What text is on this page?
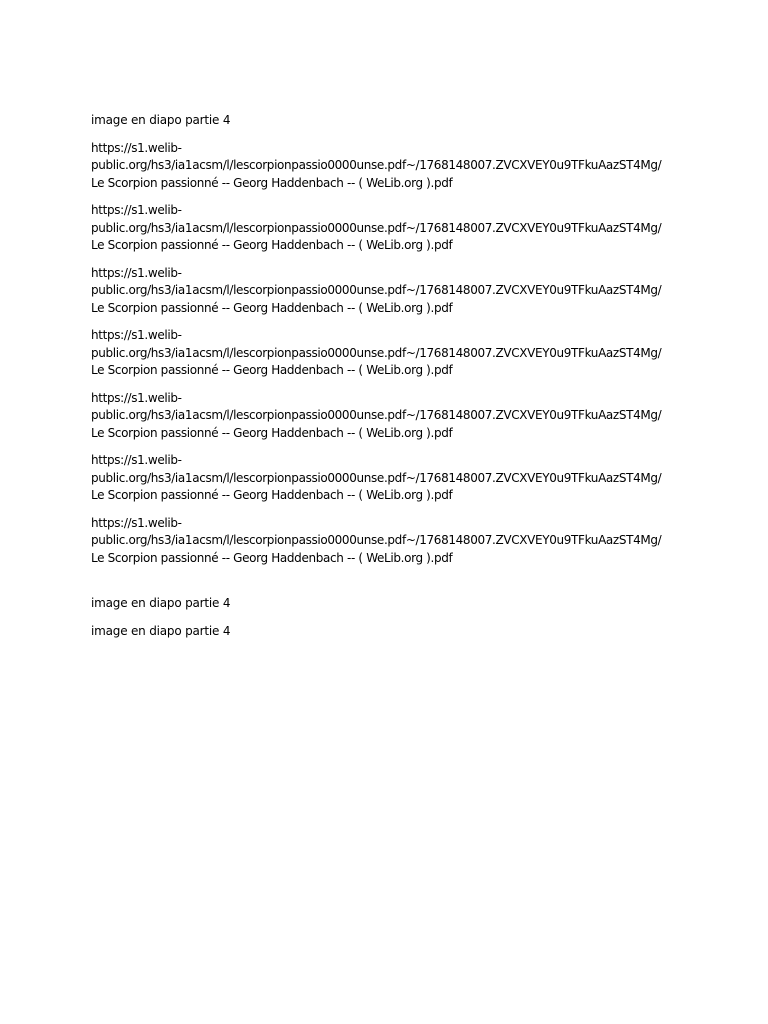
image en diapo partie 4

https://s1.welib-
public.org/hs3/ia1acsm/l/lescorpionpassio0000unse.pdf~/1768148007.ZVCXVEY0u9TFkuAazST4Mg/
Le Scorpion passionné -- Georg Haddenbach -- ( WeLib.org ).pdf

https://s1.welib-
public.org/hs3/ia1acsm/l/lescorpionpassio0000unse.pdf~/1768148007.ZVCXVEY0u9TFkuAazST4Mg/
Le Scorpion passionné -- Georg Haddenbach -- ( WeLib.org ).pdf

https://s1.welib-
public.org/hs3/ia1acsm/l/lescorpionpassio0000unse.pdf~/1768148007.ZVCXVEY0u9TFkuAazST4Mg/
Le Scorpion passionné -- Georg Haddenbach -- ( WeLib.org ).pdf

https://s1.welib-
public.org/hs3/ia1acsm/l/lescorpionpassio0000unse.pdf~/1768148007.ZVCXVEY0u9TFkuAazST4Mg/
Le Scorpion passionné -- Georg Haddenbach -- ( WeLib.org ).pdf

https://s1.welib-
public.org/hs3/ia1acsm/l/lescorpionpassio0000unse.pdf~/1768148007.ZVCXVEY0u9TFkuAazST4Mg/
Le Scorpion passionné -- Georg Haddenbach -- ( WeLib.org ).pdf

https://s1.welib-
public.org/hs3/ia1acsm/l/lescorpionpassio0000unse.pdf~/1768148007.ZVCXVEY0u9TFkuAazST4Mg/
Le Scorpion passionné -- Georg Haddenbach -- ( WeLib.org ).pdf

https://s1.welib-
public.org/hs3/ia1acsm/l/lescorpionpassio0000unse.pdf~/1768148007.ZVCXVEY0u9TFkuAazST4Mg/
Le Scorpion passionné -- Georg Haddenbach -- ( WeLib.org ).pdf

image en diapo partie 4

image en diapo partie 4
